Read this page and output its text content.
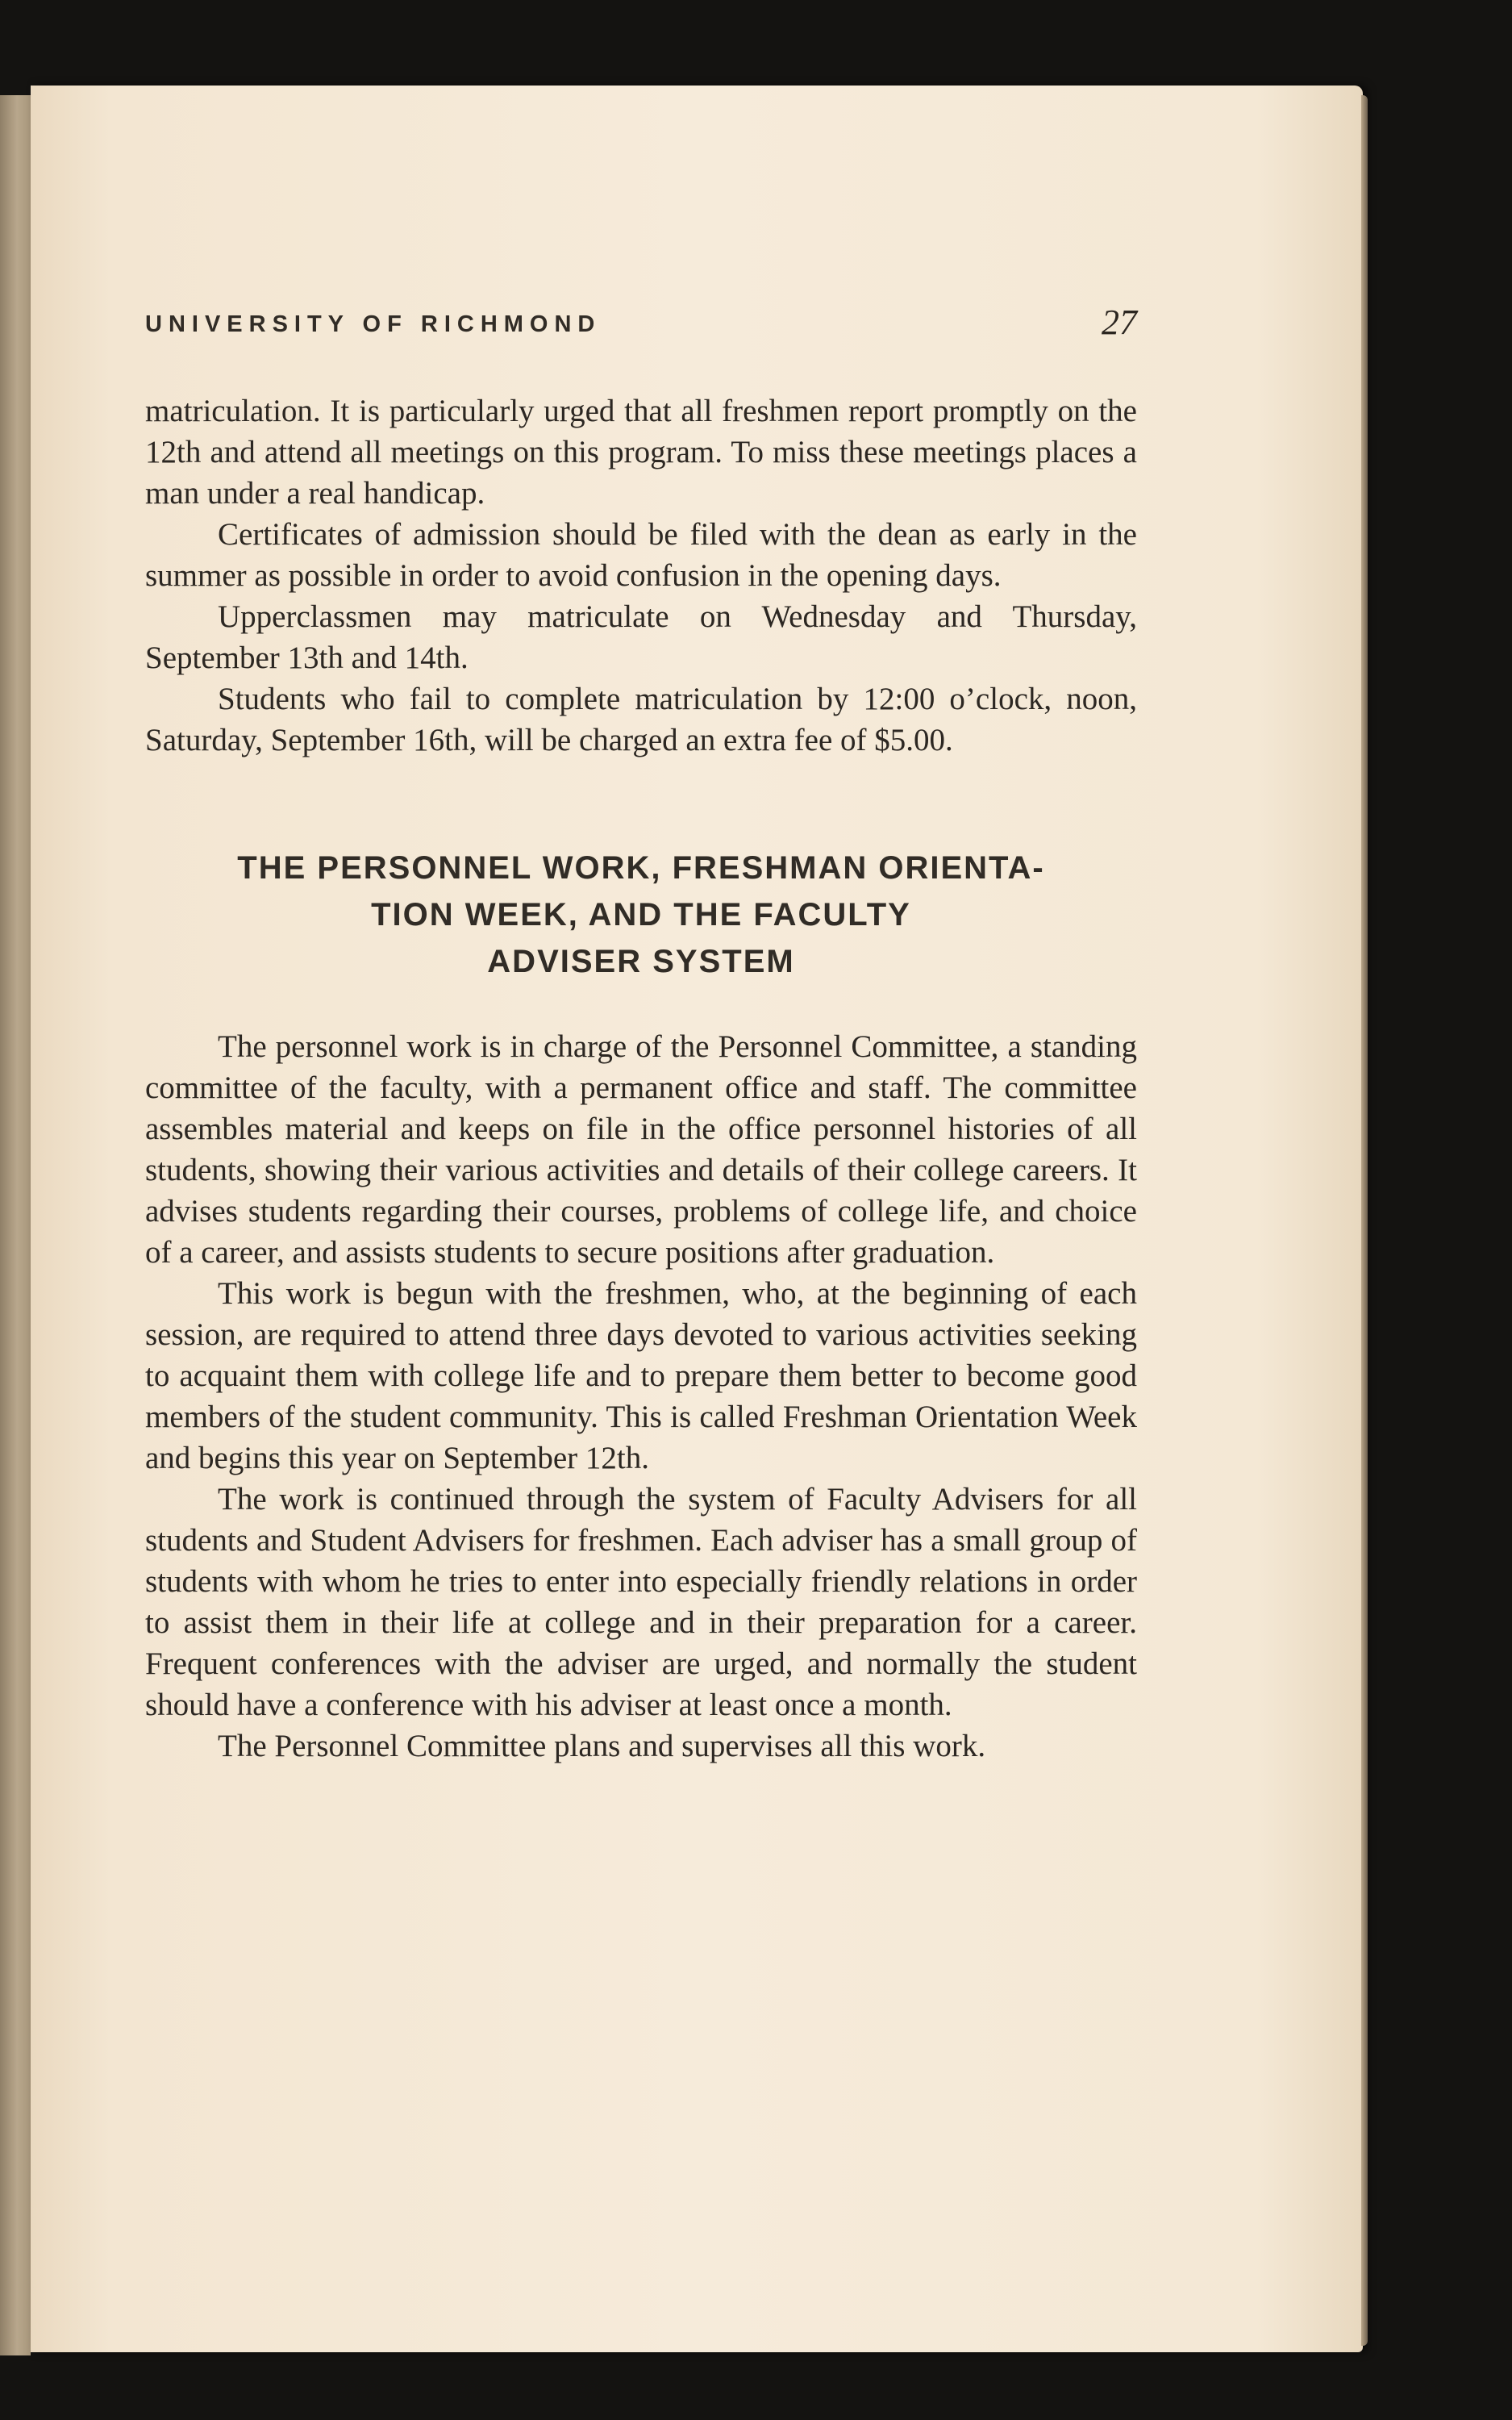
UNIVERSITY OF RICHMOND	27

matriculation. It is particularly urged that all freshmen report promptly on the 12th and attend all meetings on this program. To miss these meetings places a man under a real handicap.

Certificates of admission should be filed with the dean as early in the summer as possible in order to avoid confusion in the opening days.

Upperclassmen may matriculate on Wednesday and Thursday, September 13th and 14th.

Students who fail to complete matriculation by 12:00 o’clock, noon, Saturday, September 16th, will be charged an extra fee of $5.00.

THE PERSONNEL WORK, FRESHMAN ORIENTA-
TION WEEK, AND THE FACULTY
ADVISER SYSTEM

The personnel work is in charge of the Personnel Committee, a standing committee of the faculty, with a permanent office and staff. The committee assembles material and keeps on file in the office personnel histories of all students, showing their various activities and details of their college careers. It advises students regarding their courses, problems of college life, and choice of a career, and assists students to secure positions after graduation.

This work is begun with the freshmen, who, at the beginning of each session, are required to attend three days devoted to various activities seeking to acquaint them with college life and to prepare them better to become good members of the student community. This is called Freshman Orientation Week and begins this year on September 12th.

The work is continued through the system of Faculty Advisers for all students and Student Advisers for freshmen. Each adviser has a small group of students with whom he tries to enter into especially friendly relations in order to assist them in their life at college and in their preparation for a career. Frequent conferences with the adviser are urged, and normally the student should have a conference with his adviser at least once a month.

The Personnel Committee plans and supervises all this work.
